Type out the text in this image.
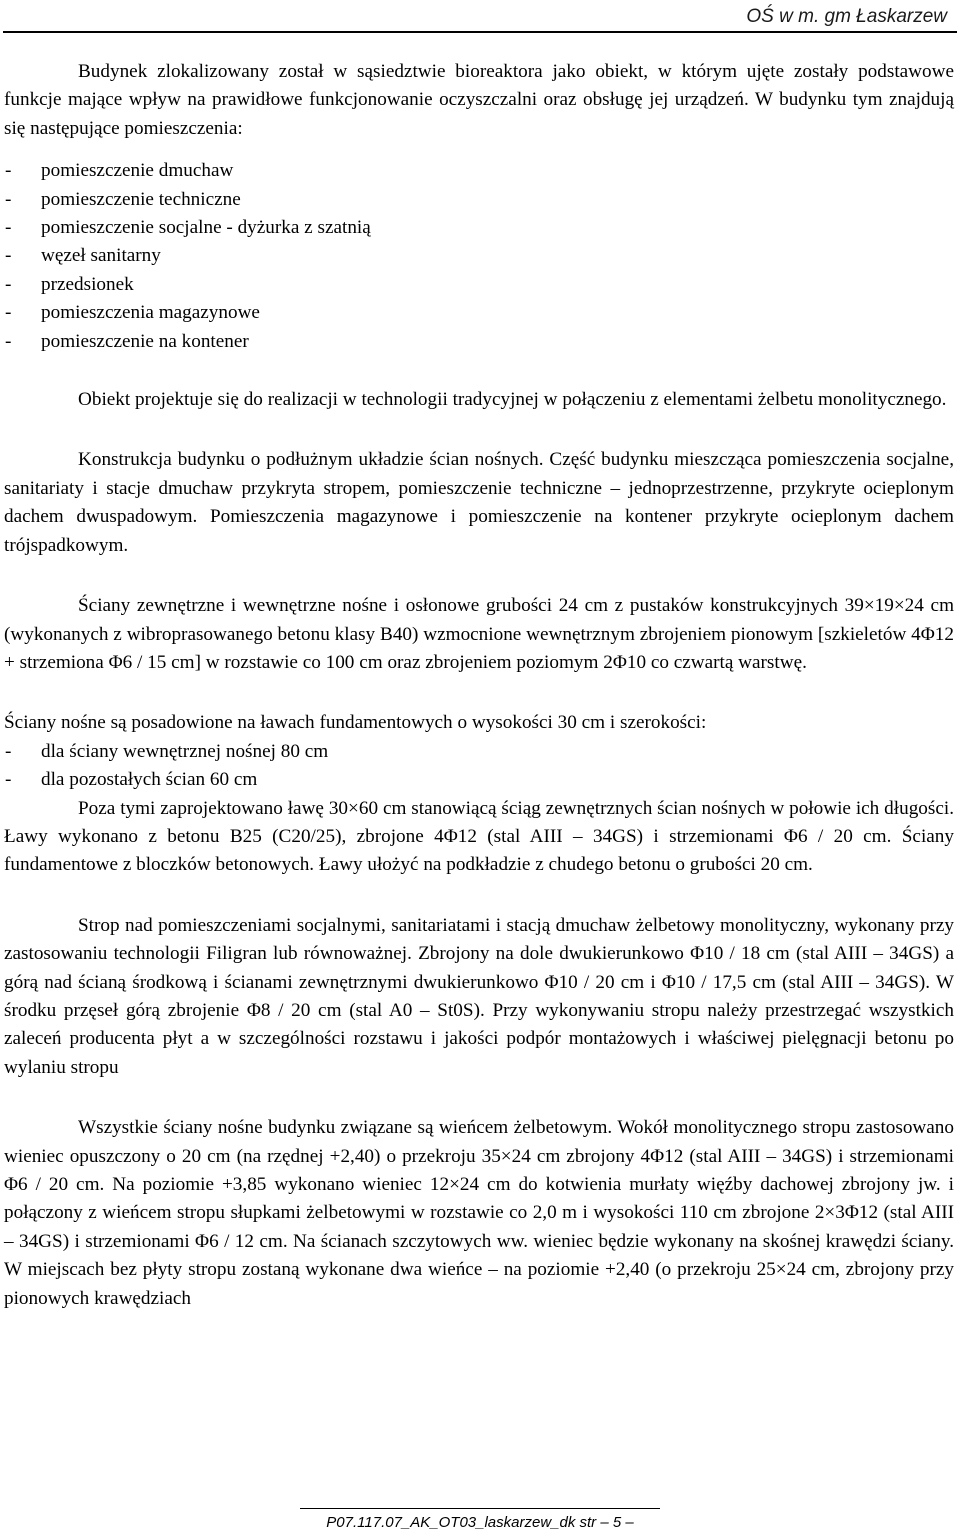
OŚ w m. gm Łaskarzew

Budynek zlokalizowany został w sąsiedztwie bioreaktora jako obiekt, w którym ujęte zostały podstawowe funkcje mające wpływ na prawidłowe funkcjonowanie oczyszczalni oraz obsługę jej urządzeń. W budynku tym znajdują się następujące pomieszczenia:

- pomieszczenie dmuchaw
- pomieszczenie techniczne
- pomieszczenie socjalne - dyżurka z szatnią
- węzeł sanitarny
- przedsionek
- pomieszczenia magazynowe
- pomieszczenie na kontener

Obiekt projektuje się do realizacji w technologii tradycyjnej w połączeniu z elementami żelbetu monolitycznego.

Konstrukcja budynku o podłużnym układzie ścian nośnych. Część budynku mieszcząca pomieszczenia socjalne, sanitariaty i stacje dmuchaw przykryta stropem, pomieszczenie techniczne – jednoprzestrzenne, przykryte ocieplonym dachem dwuspadowym. Pomieszczenia magazynowe i pomieszczenie na kontener przykryte ocieplonym dachem trójspadkowym.

Ściany zewnętrzne i wewnętrzne nośne i osłonowe grubości 24 cm z pustaków konstrukcyjnych 39×19×24 cm (wykonanych z wibroprasowanego betonu klasy B40) wzmocnione wewnętrznym zbrojeniem pionowym [szkieletów 4Φ12 + strzemiona Φ6 / 15 cm] w rozstawie co 100 cm oraz zbrojeniem poziomym 2Φ10 co czwartą warstwę.

Ściany nośne są posadowione na ławach fundamentowych o wysokości 30 cm i szerokości:

- dla ściany wewnętrznej nośnej 80 cm
- dla pozostałych ścian 60 cm

Poza tymi zaprojektowano ławę 30×60 cm stanowiącą ściąg zewnętrznych ścian nośnych w połowie ich długości. Ławy wykonano z betonu B25 (C20/25), zbrojone 4Φ12 (stal AIII – 34GS) i strzemionami Φ6 / 20 cm. Ściany fundamentowe z bloczków betonowych. Ławy ułożyć na podkładzie z chudego betonu o grubości 20 cm.

Strop nad pomieszczeniami socjalnymi, sanitariatami i stacją dmuchaw żelbetowy monolityczny, wykonany przy zastosowaniu technologii Filigran lub równoważnej. Zbrojony na dole dwukierunkowo Φ10 / 18 cm (stal AIII – 34GS) a górą nad ścianą środkową i ścianami zewnętrznymi dwukierunkowo Φ10 / 20 cm i Φ10 / 17,5 cm (stal AIII – 34GS). W środku przęseł górą zbrojenie Φ8 / 20 cm (stal A0 – St0S). Przy wykonywaniu stropu należy przestrzegać wszystkich zaleceń producenta płyt a w szczególności rozstawu i jakości podpór montażowych i właściwej pielęgnacji betonu po wylaniu stropu

Wszystkie ściany nośne budynku związane są wieńcem żelbetowym. Wokół monolitycznego stropu zastosowano wieniec opuszczony o 20 cm (na rzędnej +2,40) o przekroju 35×24 cm zbrojony 4Φ12 (stal AIII – 34GS) i strzemionami Φ6 / 20 cm. Na poziomie +3,85 wykonano wieniec 12×24 cm do kotwienia murłaty więźby dachowej zbrojony jw. i połączony z wieńcem stropu słupkami żelbetowymi w rozstawie co 2,0 m i wysokości 110 cm zbrojone 2×3Φ12 (stal AIII – 34GS) i strzemionami Φ6 / 12 cm. Na ścianach szczytowych ww. wieniec będzie wykonany na skośnej krawędzi ściany. W miejscach bez płyty stropu zostaną wykonane dwa wieńce – na poziomie +2,40 (o przekroju 25×24 cm, zbrojony przy pionowych krawędziach

P07.117.07_AK_OT03_laskarzew_dk str – 5 –
